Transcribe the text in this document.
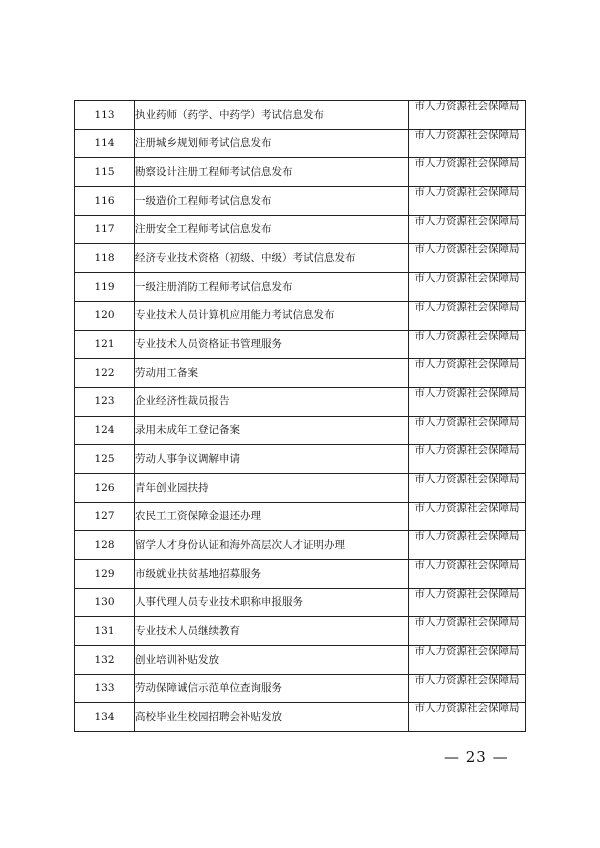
113	执业药师（药学、中药学）考试信息发布	市人力资源社会保障局
114	注册城乡规划师考试信息发布	市人力资源社会保障局
115	勘察设计注册工程师考试信息发布	市人力资源社会保障局
116	一级造价工程师考试信息发布	市人力资源社会保障局
117	注册安全工程师考试信息发布	市人力资源社会保障局
118	经济专业技术资格（初级、中级）考试信息发布	市人力资源社会保障局
119	一级注册消防工程师考试信息发布	市人力资源社会保障局
120	专业技术人员计算机应用能力考试信息发布	市人力资源社会保障局
121	专业技术人员资格证书管理服务	市人力资源社会保障局
122	劳动用工备案	市人力资源社会保障局
123	企业经济性裁员报告	市人力资源社会保障局
124	录用未成年工登记备案	市人力资源社会保障局
125	劳动人事争议调解申请	市人力资源社会保障局
126	青年创业园扶持	市人力资源社会保障局
127	农民工工资保障金退还办理	市人力资源社会保障局
128	留学人才身份认证和海外高层次人才证明办理	市人力资源社会保障局
129	市级就业扶贫基地招募服务	市人力资源社会保障局
130	人事代理人员专业技术职称申报服务	市人力资源社会保障局
131	专业技术人员继续教育	市人力资源社会保障局
132	创业培训补贴发放	市人力资源社会保障局
133	劳动保障诚信示范单位查询服务	市人力资源社会保障局
134	高校毕业生校园招聘会补贴发放	市人力资源社会保障局
— 23 —
